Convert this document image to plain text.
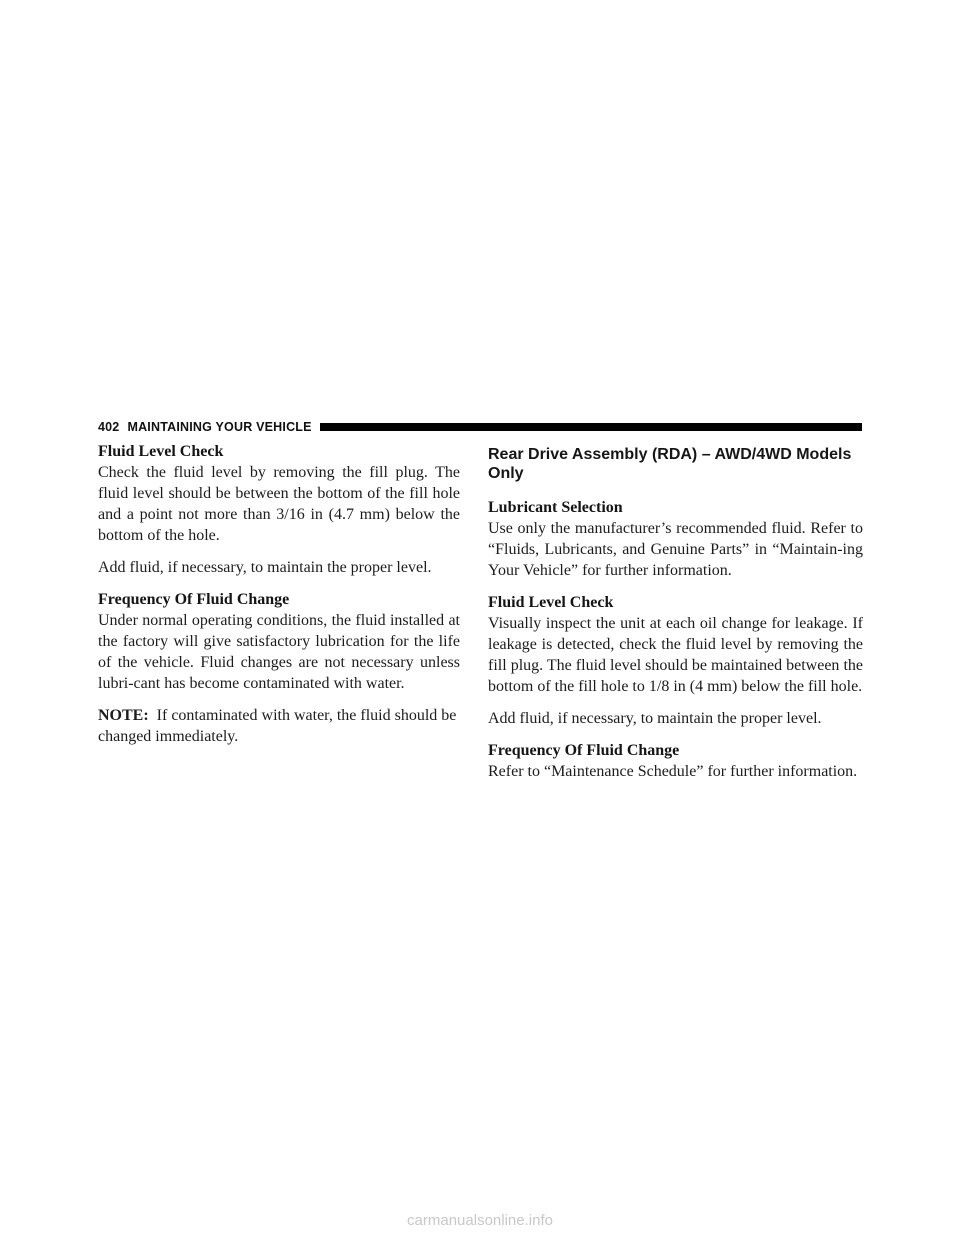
402 MAINTAINING YOUR VEHICLE

Fluid Level Check

Check the fluid level by removing the fill plug. The fluid level should be between the bottom of the fill hole and a point not more than 3/16 in (4.7 mm) below the bottom of the hole.

Add fluid, if necessary, to maintain the proper level.

Frequency Of Fluid Change

Under normal operating conditions, the fluid installed at the factory will give satisfactory lubrication for the life of the vehicle. Fluid changes are not necessary unless lubri-cant has become contaminated with water.

NOTE: If contaminated with water, the fluid should be changed immediately.

Rear Drive Assembly (RDA) – AWD/4WD Models Only

Lubricant Selection

Use only the manufacturer’s recommended fluid. Refer to “Fluids, Lubricants, and Genuine Parts” in “Maintain-ing Your Vehicle” for further information.

Fluid Level Check

Visually inspect the unit at each oil change for leakage. If leakage is detected, check the fluid level by removing the fill plug. The fluid level should be maintained between the bottom of the fill hole to 1/8 in (4 mm) below the fill hole.

Add fluid, if necessary, to maintain the proper level.

Frequency Of Fluid Change

Refer to “Maintenance Schedule” for further information.

carmanualsonline.info
